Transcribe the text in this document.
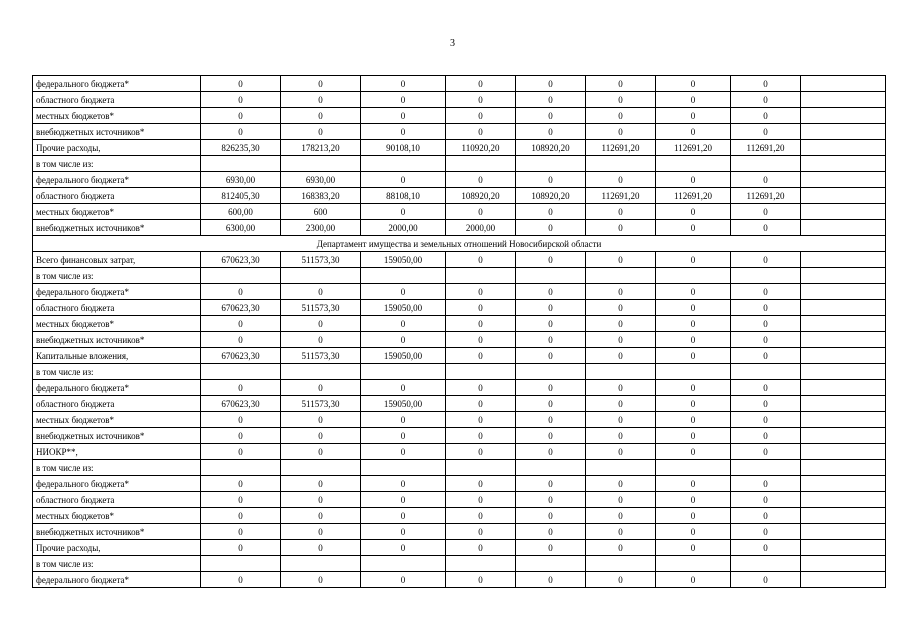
3
федерального бюджета*	0	0	0	0	0	0	0	0	
областного бюджета	0	0	0	0	0	0	0	0	
местных бюджетов*	0	0	0	0	0	0	0	0	
внебюджетных источников*	0	0	0	0	0	0	0	0	
Прочие расходы,	826235,30	178213,20	90108,10	110920,20	108920,20	112691,20	112691,20	112691,20	
в том числе из:									
федерального бюджета*	6930,00	6930,00	0	0	0	0	0	0	
областного бюджета	812405,30	168383,20	88108,10	108920,20	108920,20	112691,20	112691,20	112691,20	
местных бюджетов*	600,00	600	0	0	0	0	0	0	
внебюджетных источников*	6300,00	2300,00	2000,00	2000,00	0	0	0	0	
Департамент имущества и земельных отношений Новосибирской области									
Всего финансовых затрат,	670623,30	511573,30	159050,00	0	0	0	0	0	
в том числе из:									
федерального бюджета*	0	0	0	0	0	0	0	0	
областного бюджета	670623,30	511573,30	159050,00	0	0	0	0	0	
местных бюджетов*	0	0	0	0	0	0	0	0	
внебюджетных источников*	0	0	0	0	0	0	0	0	
Капитальные вложения,	670623,30	511573,30	159050,00	0	0	0	0	0	
в том числе из:									
федерального бюджета*	0	0	0	0	0	0	0	0	
областного бюджета	670623,30	511573,30	159050,00	0	0	0	0	0	
местных бюджетов*	0	0	0	0	0	0	0	0	
внебюджетных источников*	0	0	0	0	0	0	0	0	
НИОКР**,	0	0	0	0	0	0	0	0	
в том числе из:									
федерального бюджета*	0	0	0	0	0	0	0	0	
областного бюджета	0	0	0	0	0	0	0	0	
местных бюджетов*	0	0	0	0	0	0	0	0	
внебюджетных источников*	0	0	0	0	0	0	0	0	
Прочие расходы,	0	0	0	0	0	0	0	0	
в том числе из:									
федерального бюджета*	0	0	0	0	0	0	0	0	
